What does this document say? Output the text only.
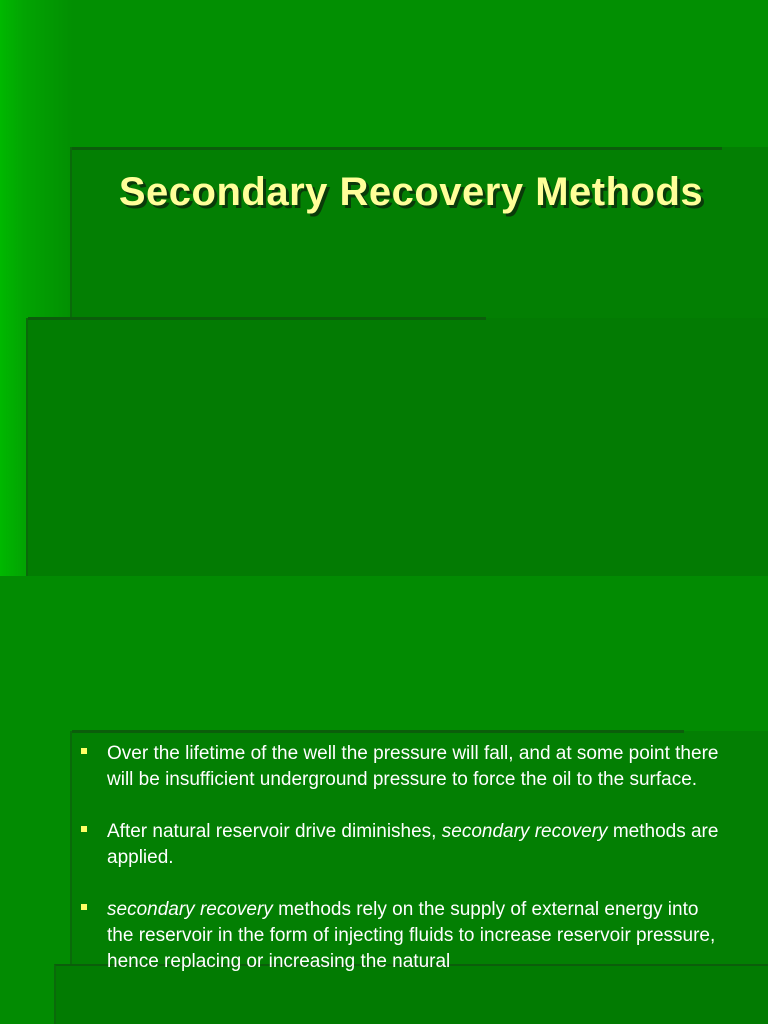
Secondary Recovery Methods
Over the lifetime of the well the pressure will fall, and at some point there will be insufficient underground pressure to force the oil to the surface.
After natural reservoir drive diminishes, secondary recovery methods are applied.
secondary recovery methods rely on the supply of external energy into the reservoir in the form of injecting fluids to increase reservoir pressure, hence replacing or increasing the natural
